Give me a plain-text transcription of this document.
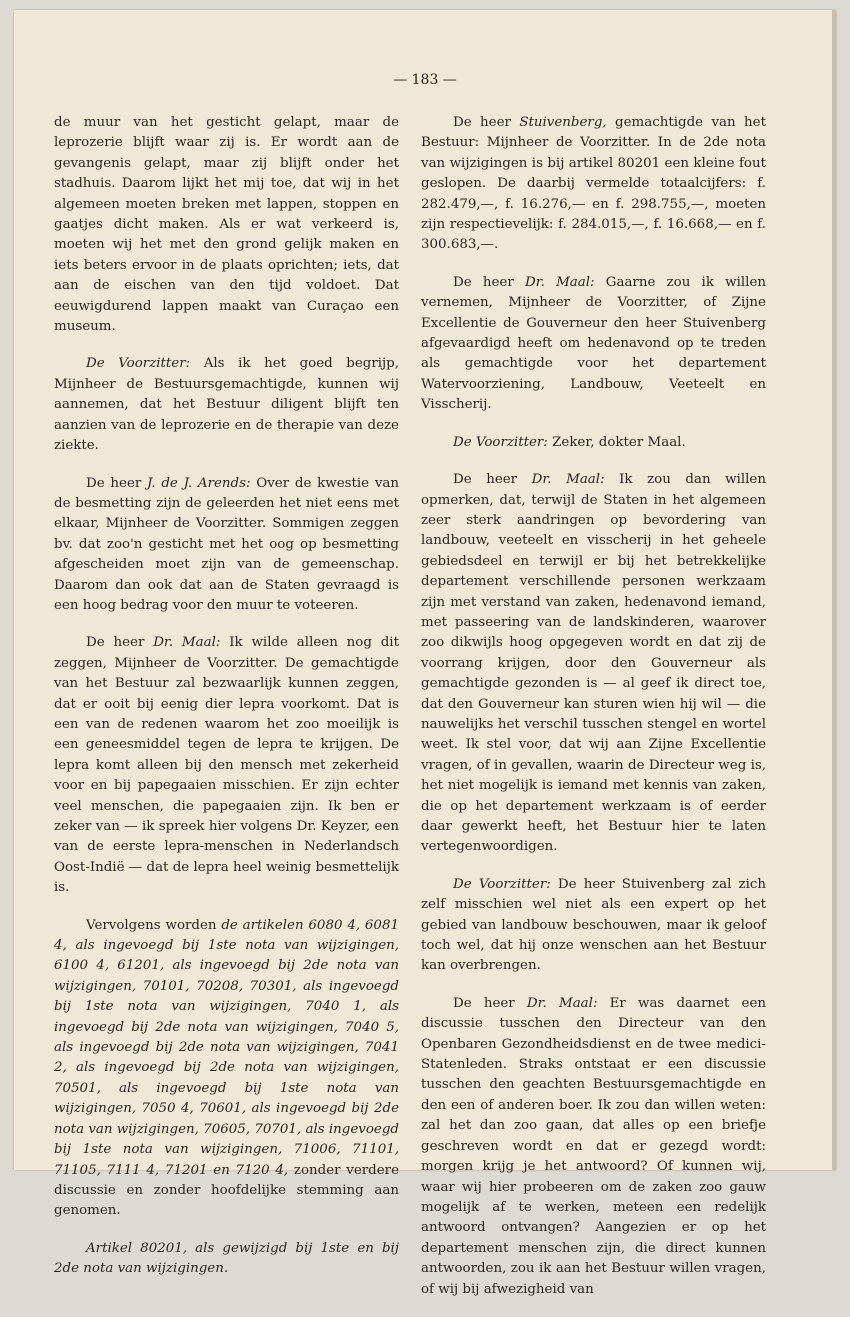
— 183 —

de muur van het gesticht gelapt, maar de leprozerie blijft waar zij is. Er wordt aan de gevangenis gelapt, maar zij blijft onder het stadhuis. Daarom lijkt het mij toe, dat wij in het algemeen moeten breken met lappen, stoppen en gaatjes dicht maken. Als er wat verkeerd is, moeten wij het met den grond gelijk maken en iets beters ervoor in de plaats oprichten; iets, dat aan de eischen van den tijd voldoet. Dat eeuwigdurend lappen maakt van Curaçao een museum.

De Voorzitter: Als ik het goed begrijp, Mijnheer de Bestuursgemachtigde, kunnen wij aannemen, dat het Bestuur diligent blijft ten aanzien van de leprozerie en de therapie van deze ziekte.

De heer J. de J. Arends: Over de kwestie van de besmetting zijn de geleerden het niet eens met elkaar, Mijnheer de Voorzitter. Sommigen zeggen bv. dat zoo'n gesticht met het oog op besmetting afgescheiden moet zijn van de gemeenschap. Daarom dan ook dat aan de Staten gevraagd is een hoog bedrag voor den muur te voteeren.

De heer Dr. Maal: Ik wilde alleen nog dit zeggen, Mijnheer de Voorzitter. De gemachtigde van het Bestuur zal bezwaarlijk kunnen zeggen, dat er ooit bij eenig dier lepra voorkomt. Dat is een van de redenen waarom het zoo moeilijk is een geneesmiddel tegen de lepra te krijgen. De lepra komt alleen bij den mensch met zekerheid voor en bij papegaaien misschien. Er zijn echter veel menschen, die papegaaien zijn. Ik ben er zeker van — ik spreek hier volgens Dr. Keyzer, een van de eerste lepra-menschen in Nederlandsch Oost-Indië — dat de lepra heel weinig besmettelijk is.

Vervolgens worden de artikelen 6080 4, 6081 4, als ingevoegd bij 1ste nota van wijzigingen, 6100 4, 61201, als ingevoegd bij 2de nota van wijzigingen, 70101, 70208, 70301, als ingevoegd bij 1ste nota van wijzigingen, 7040 1, als ingevoegd bij 2de nota van wijzigingen, 7040 5, als ingevoegd bij 2de nota van wijzigingen, 7041 2, als ingevoegd bij 2de nota van wijzigingen, 70501, als ingevoegd bij 1ste nota van wijzigingen, 7050 4, 70601, als ingevoegd bij 2de nota van wijzigingen, 70605, 70701, als ingevoegd bij 1ste nota van wijzigingen, 71006, 71101, 71105, 7111 4, 71201 en 7120 4, zonder verdere discussie en zonder hoofdelijke stemming aan genomen.

Artikel 80201, als gewijzigd bij 1ste en bij 2de nota van wijzigingen.

De heer Stuivenberg, gemachtigde van het Bestuur: Mijnheer de Voorzitter. In de 2de nota van wijzigingen is bij artikel 80201 een kleine fout geslopen. De daarbij vermelde totaalcijfers: f. 282.479,—, f. 16.276,— en f. 298.755,—, moeten zijn respectievelijk: f. 284.015,—, f. 16.668,— en f. 300.683,—.

De heer Dr. Maal: Gaarne zou ik willen vernemen, Mijnheer de Voorzitter, of Zijne Excellentie de Gouverneur den heer Stuivenberg afgevaardigd heeft om hedenavond op te treden als gemachtigde voor het departement Watervoorziening, Landbouw, Veeteelt en Visscherij.

De Voorzitter: Zeker, dokter Maal.

De heer Dr. Maal: Ik zou dan willen opmerken, dat, terwijl de Staten in het algemeen zeer sterk aandringen op bevordering van landbouw, veeteelt en visscherij in het geheele gebiedsdeel en terwijl er bij het betrekkelijke departement verschillende personen werkzaam zijn met verstand van zaken, hedenavond iemand, met passeering van de landskinderen, waarover zoo dikwijls hoog opgegeven wordt en dat zij de voorrang krijgen, door den Gouverneur als gemachtigde gezonden is — al geef ik direct toe, dat den Gouverneur kan sturen wien hij wil — die nauwelijks het verschil tusschen stengel en wortel weet. Ik stel voor, dat wij aan Zijne Excellentie vragen, of in gevallen, waarin de Directeur weg is, het niet mogelijk is iemand met kennis van zaken, die op het departement werkzaam is of eerder daar gewerkt heeft, het Bestuur hier te laten vertegenwoordigen.

De Voorzitter: De heer Stuivenberg zal zich zelf misschien wel niet als een expert op het gebied van landbouw beschouwen, maar ik geloof toch wel, dat hij onze wenschen aan het Bestuur kan overbrengen.

De heer Dr. Maal: Er was daarnet een discussie tusschen den Directeur van den Openbaren Gezondheidsdienst en de twee medici-Statenleden. Straks ontstaat er een discussie tusschen den geachten Bestuursgemachtigde en den een of anderen boer. Ik zou dan willen weten: zal het dan zoo gaan, dat alles op een briefje geschreven wordt en dat er gezegd wordt: morgen krijg je het antwoord? Of kunnen wij, waar wij hier probeeren om de zaken zoo gauw mogelijk af te werken, meteen een redelijk antwoord ontvangen? Aangezien er op het departement menschen zijn, die direct kunnen antwoorden, zou ik aan het Bestuur willen vragen, of wij bij afwezigheid van
